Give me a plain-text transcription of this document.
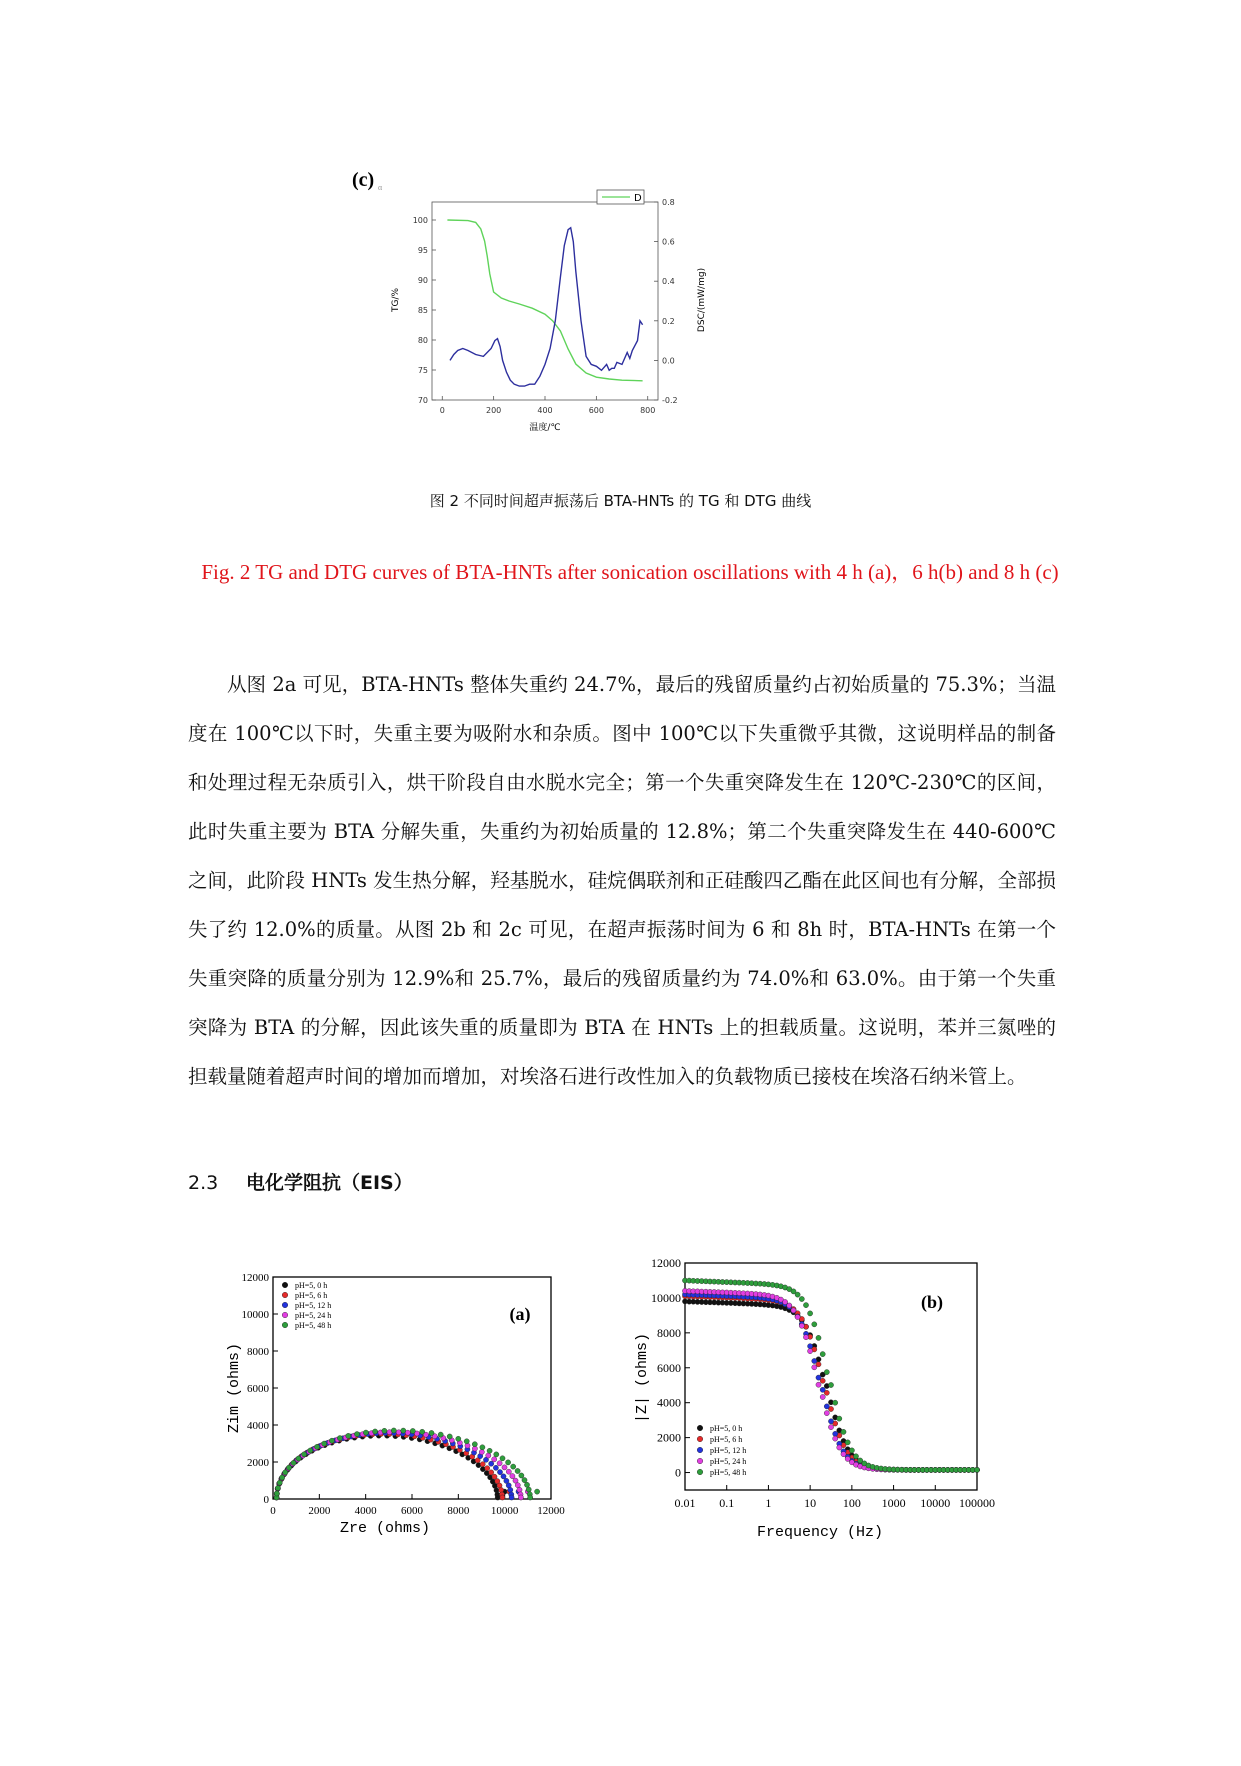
(c) α
70
75
80
85
90
95
100
-0.2
0.0
0.2
0.4
0.6
0.8
0	200	400	600	800
D
TG/%	DSC/(mW/mg)
温度/℃
图 2 不同时间超声振荡后 BTA-HNTs 的 TG 和 DTG 曲线
Fig. 2 TG and DTG curves of BTA-HNTs after sonication oscillations with 4 h (a)，6 h(b) and 8 h (c)
从图 2a 可见，BTA-HNTs 整体失重约 24.7%，最后的残留质量约占初始质量的 75.3%；当温度在 100℃以下时，失重主要为吸附水和杂质。图中 100℃以下失重微乎其微，这说明样品的制备和处理过程无杂质引入，烘干阶段自由水脱水完全；第一个失重突降发生在 120℃-230℃的区间，此时失重主要为 BTA 分解失重，失重约为初始质量的 12.8%；第二个失重突降发生在 440-600℃之间，此阶段 HNTs 发生热分解，羟基脱水，硅烷偶联剂和正硅酸四乙酯在此区间也有分解，全部损失了约 12.0%的质量。从图 2b 和 2c 可见，在超声振荡时间为 6 和 8h 时，BTA-HNTs 在第一个失重突降的质量分别为 12.9%和 25.7%，最后的残留质量约为 74.0%和 63.0%。由于第一个失重突降为 BTA 的分解，因此该失重的质量即为 BTA 在 HNTs 上的担载质量。这说明，苯并三氮唑的担载量随着超声时间的增加而增加，对埃洛石进行改性加入的负载物质已接枝在埃洛石纳米管上。
2.3 电化学阻抗（EIS）
0	2000 4000 6000 8000 10000 12000
0
2000
4000
6000
8000
10000
12000
pH=5, 0 h
pH=5, 6 h
pH=5, 12 h
pH=5, 24 h
pH=5, 48 h
(a)
Zim (ohms)
Zre (ohms)
0.01 0.1	1	10 100 1000 10000 100000
0
2000
4000
6000
8000
10000
12000
pH=5, 0 h
pH=5, 6 h
pH=5, 12 h
pH=5, 24 h
pH=5, 48 h
(b)
|Z| (ohms)
Frequency (Hz)
